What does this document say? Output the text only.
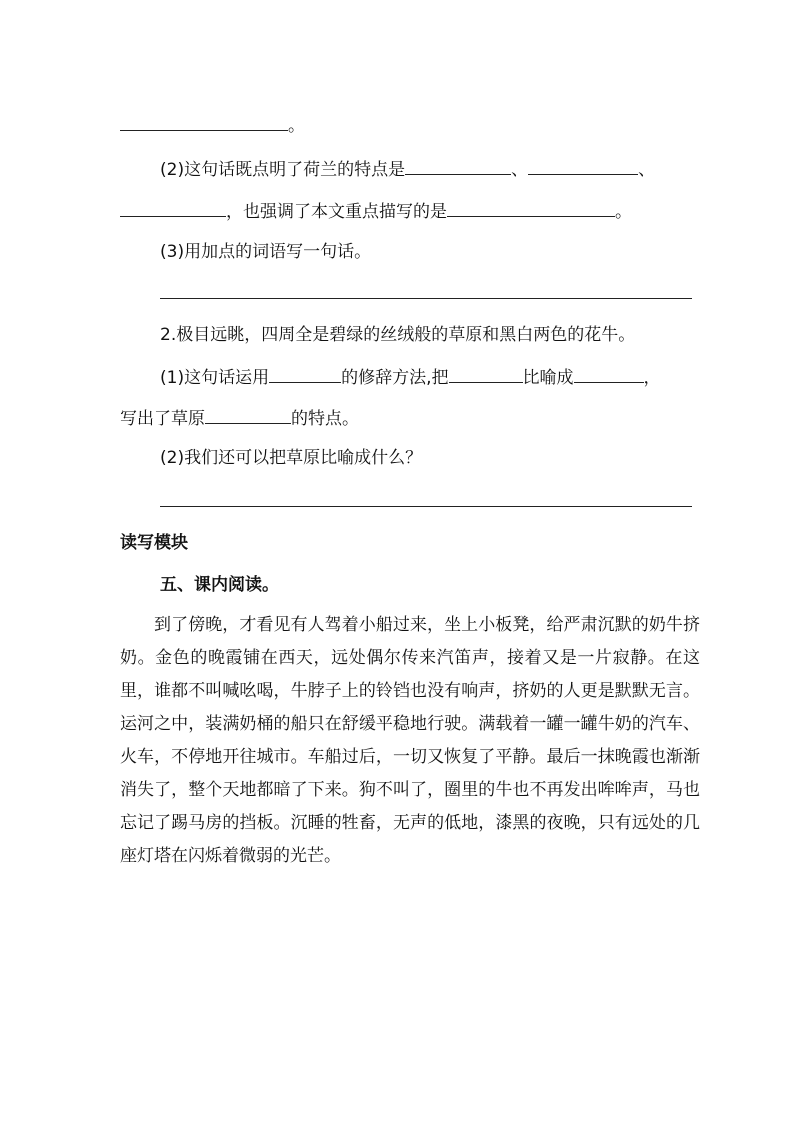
。
(2)这句话既点明了荷兰的特点是	、	、
，也强调了本文重点描写的是	。
(3)用加点的词语写一句话。
2.极目远眺，四周全是碧绿的丝绒般的草原和黑白两色的花牛。
(1)这句话运用	的修辞方法,把	比喻成	，
写出了草原	的特点。
(2)我们还可以把草原比喻成什么？
读写模块
五、课内阅读。

到了傍晚，才看见有人驾着小船过来，坐上小板凳，给严肃沉默的奶牛挤奶。金色的晚霞铺在西天，远处偶尔传来汽笛声，接着又是一片寂静。在这里，谁都不叫喊吆喝，牛脖子上的铃铛也没有响声，挤奶的人更是默默无言。运河之中，装满奶桶的船只在舒缓平稳地行驶。满载着一罐一罐牛奶的汽车、火车，不停地开往城市。车船过后，一切又恢复了平静。最后一抹晚霞也渐渐消失了，整个天地都暗了下来。狗不叫了，圈里的牛也不再发出哞哞声，马也忘记了踢马房的挡板。沉睡的牲畜，无声的低地，漆黑的夜晚，只有远处的几座灯塔在闪烁着微弱的光芒。
